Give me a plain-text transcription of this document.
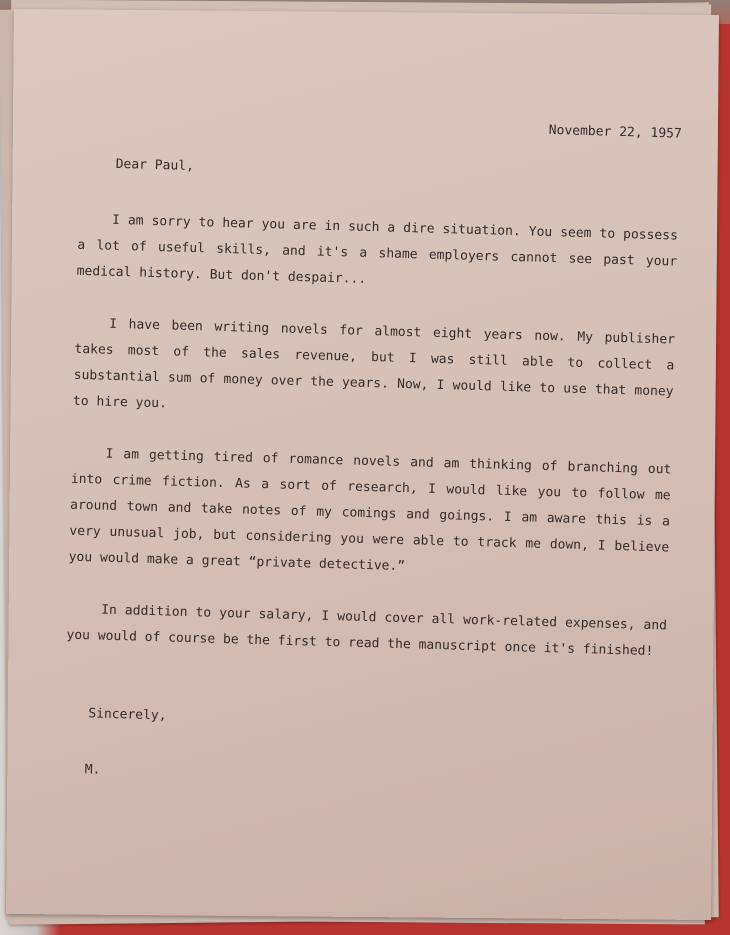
November 22, 1957
Dear Paul,

I am sorry to hear you are in such a dire situation. You seem to possess a lot of useful skills, and it's a shame employers cannot see past your medical history. But don't despair...

I have been writing novels for almost eight years now. My publisher takes most of the sales revenue, but I was still able to collect a substantial sum of money over the years. Now, I would like to use that money to hire you.

I am getting tired of romance novels and am thinking of branching out into crime fiction. As a sort of research, I would like you to follow me around town and take notes of my comings and goings. I am aware this is a very unusual job, but considering you were able to track me down, I believe you would make a great “private detective.”

In addition to your salary, I would cover all work-related expenses, and you would of course be the first to read the manuscript once it's finished!

Sincerely,
M.
